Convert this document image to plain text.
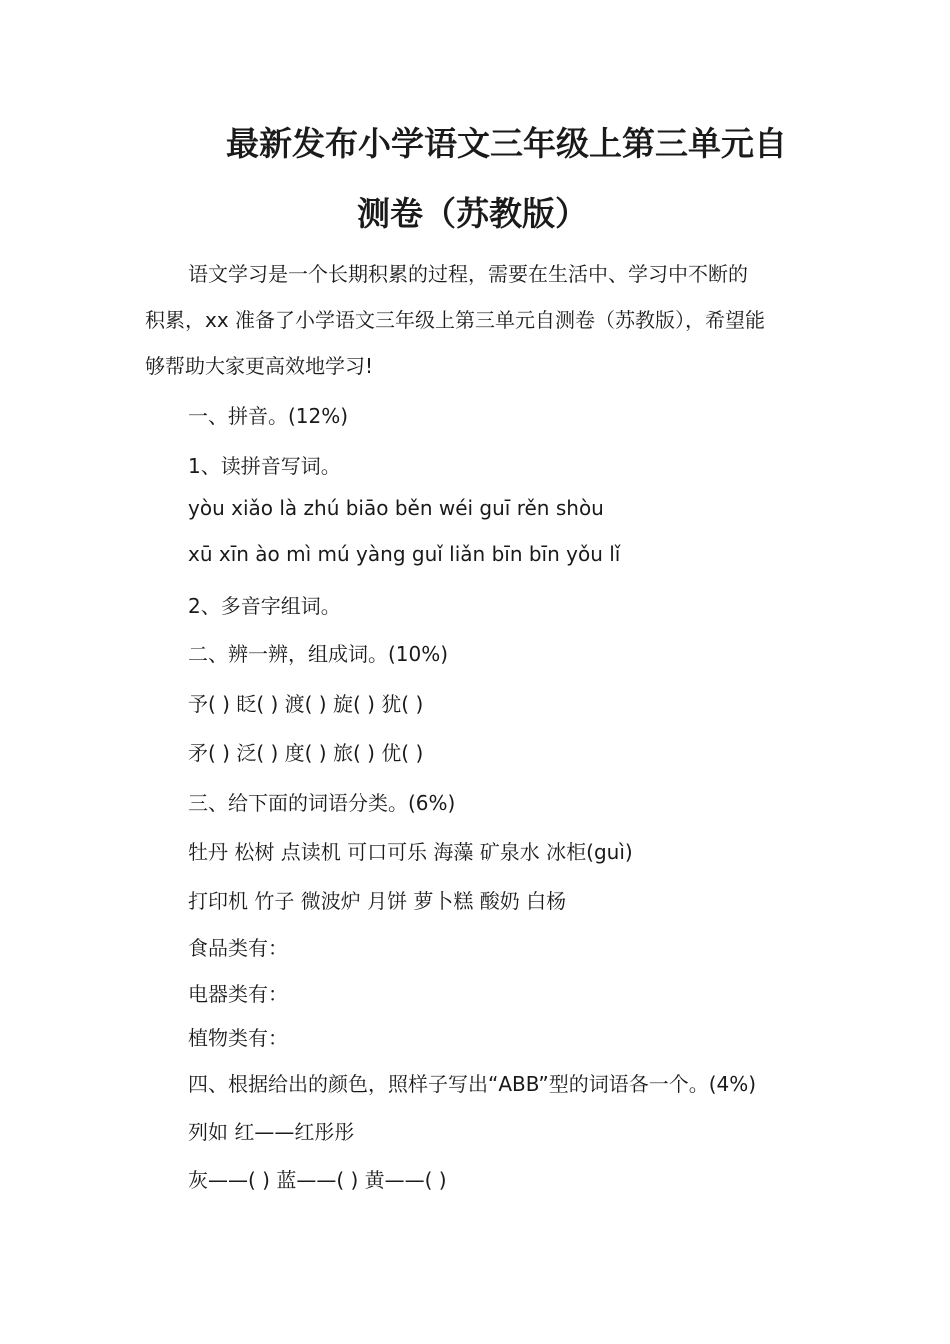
最新发布小学语文三年级上第三单元自
测卷（苏教版）
语文学习是一个长期积累的过程，需要在生活中、学习中不断的
积累，xx 准备了小学语文三年级上第三单元自测卷（苏教版），希望能
够帮助大家更高效地学习!
一、拼音。(12%)
1、读拼音写词。
yòu xiǎo là zhú biāo běn wéi guī rěn shòu
xū xīn ào mì mú yàng guǐ liǎn bīn bīn yǒu lǐ
2、多音字组词。
二、辨一辨，组成词。(10%)
予( ) 眨( ) 渡( ) 旋( ) 犹( )
矛( ) 泛( ) 度( ) 旅( ) 优( )
三、给下面的词语分类。(6%)
牡丹 松树 点读机 可口可乐 海藻 矿泉水 冰柜(guì)
打印机 竹子 微波炉 月饼 萝卜糕 酸奶 白杨
食品类有：
电器类有：
植物类有：
四、根据给出的颜色，照样子写出“ABB”型的词语各一个。(4%)
列如 红——红彤彤
灰——( ) 蓝——( ) 黄——( )
